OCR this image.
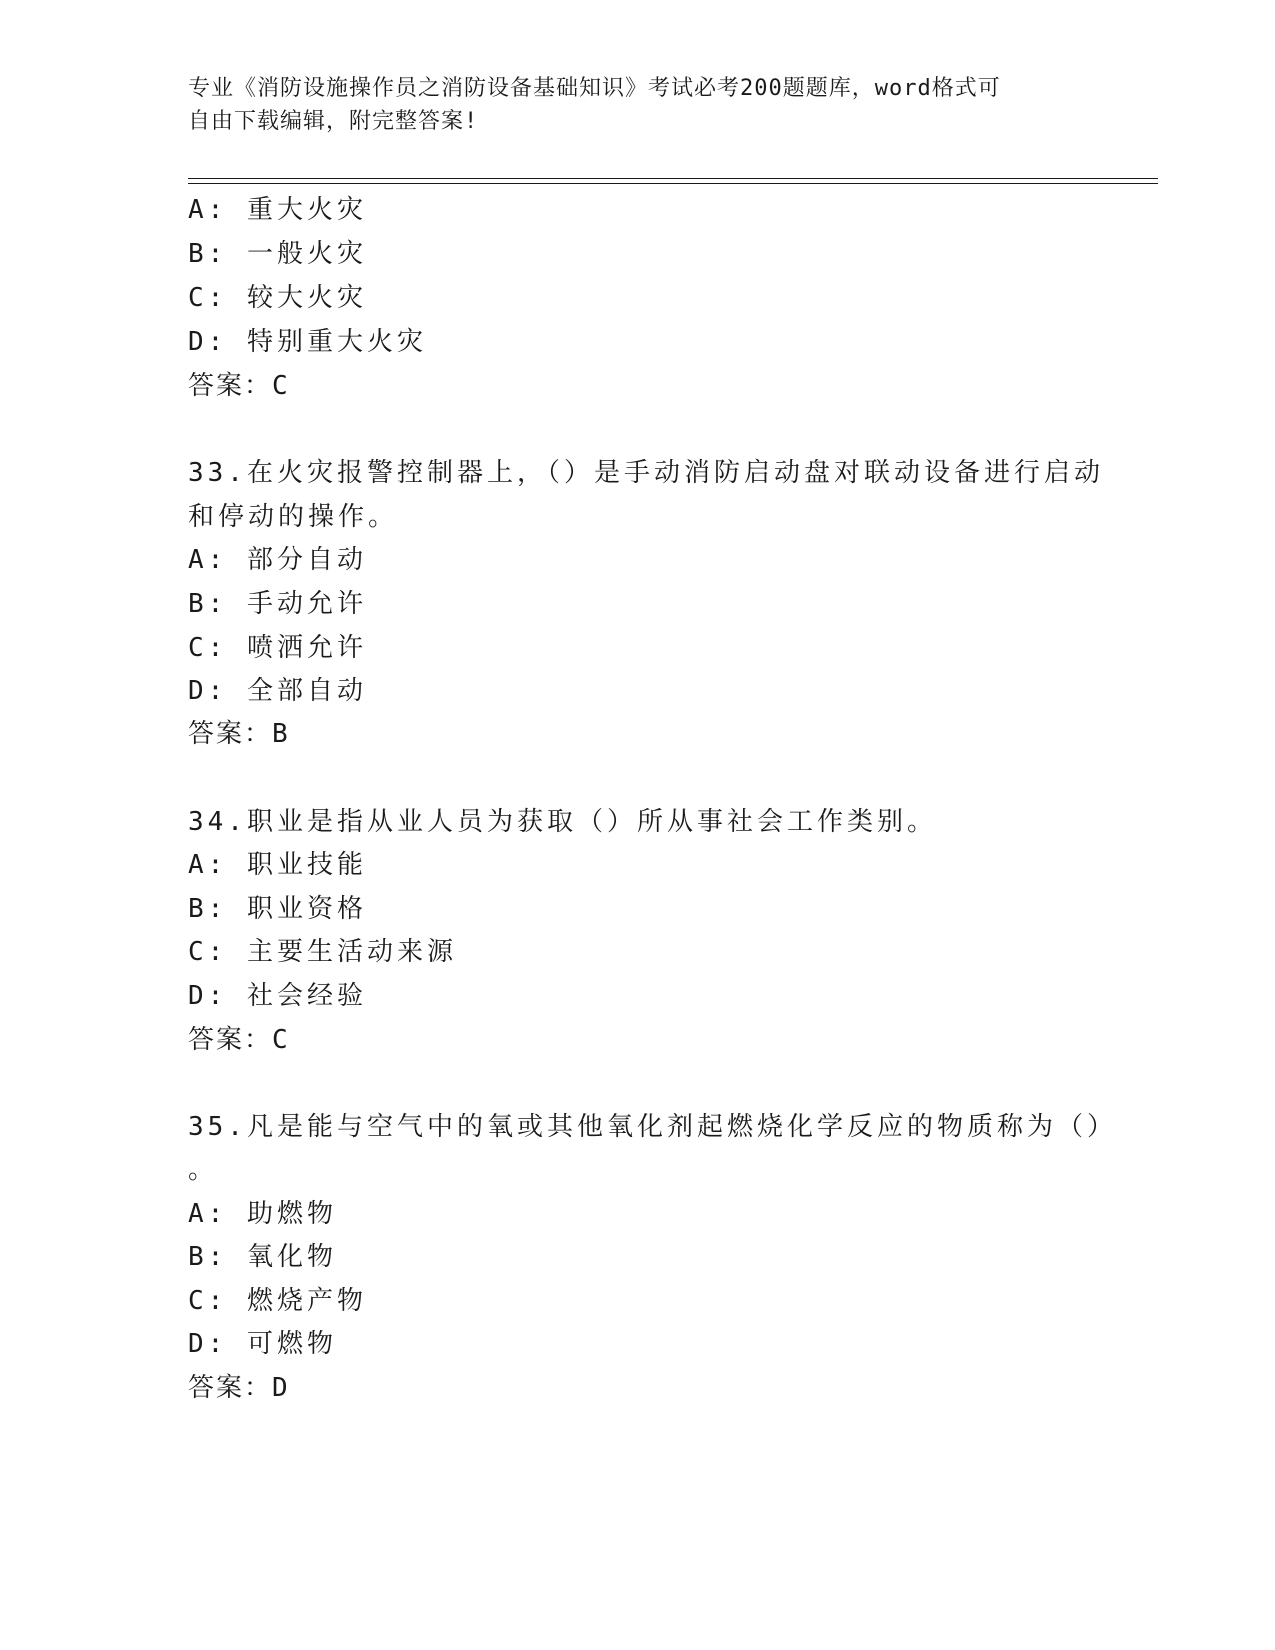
专业《消防设施操作员之消防设备基础知识》考试必考200题题库，word格式可
自由下载编辑，附完整答案!
A: 重大火灾
B: 一般火灾
C: 较大火灾
D: 特别重大火灾
答案：C
33.在火灾报警控制器上，（）是手动消防启动盘对联动设备进行启动
和停动的操作。
A: 部分自动
B: 手动允许
C: 喷洒允许
D: 全部自动
答案：B
34.职业是指从业人员为获取（）所从事社会工作类别。
A: 职业技能
B: 职业资格
C: 主要生活动来源
D: 社会经验
答案：C
35.凡是能与空气中的氧或其他氧化剂起燃烧化学反应的物质称为（）
。
A: 助燃物
B: 氧化物
C: 燃烧产物
D: 可燃物
答案：D
